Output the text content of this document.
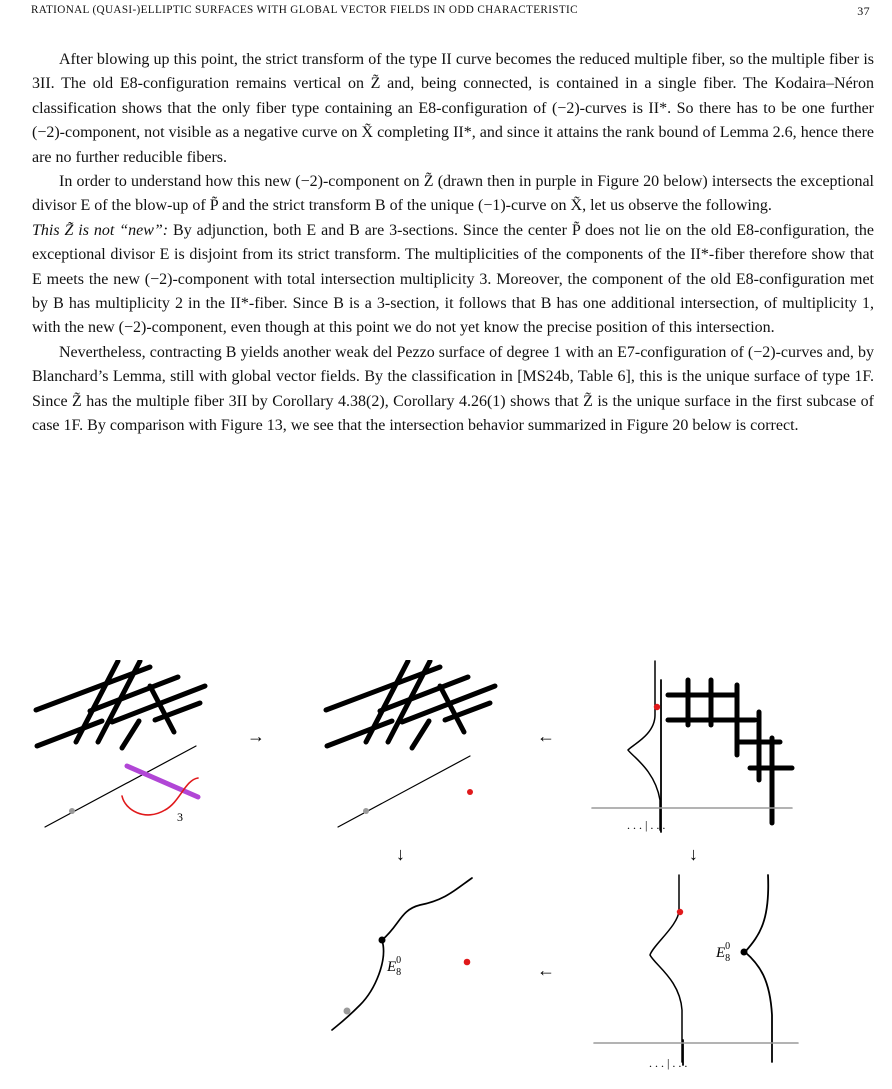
RATIONAL (QUASI-)ELLIPTIC SURFACES WITH GLOBAL VECTOR FIELDS IN ODD CHARACTERISTIC	37

After blowing up this point, the strict transform of the type II curve becomes the reduced multiple fiber, so the multiple fiber is 3II. The old E8-configuration remains vertical on Z̃ and, being connected, is contained in a single fiber. The Kodaira–Néron classification shows that the only fiber type containing an E8-configuration of (−2)-curves is II*. So there has to be one further (−2)-component, not visible as a negative curve on X̃ completing II*, and since it attains the rank bound of Lemma 2.6, hence there are no further reducible fibers.

In order to understand how this new (−2)-component on Z̃ (drawn then in purple in Figure 20 below) intersects the exceptional divisor E of the blow-up of P̃ and the strict transform B of the unique (−1)-curve on X̃, let us observe the following.

This Z̃ is not “new”: By adjunction, both E and B are 3-sections. Since the center P̃ does not lie on the old E8-configuration, the exceptional divisor E is disjoint from its strict transform. The multiplicities of the components of the II*-fiber therefore show that E meets the new (−2)-component with total intersection multiplicity 3. Moreover, the component of the old E8-configuration met by B has multiplicity 2 in the II*-fiber. Since B is a 3-section, it follows that B has one additional intersection, of multiplicity 1, with the new (−2)-component, even though at this point we do not yet know the precise position of this intersection.

Nevertheless, contracting B yields another weak del Pezzo surface of degree 1 with an E7-configuration of (−2)-curves and, by Blanchard’s Lemma, still with global vector fields. By the classification in [MS24b, Table 6], this is the unique surface of type 1F. Since Z̃ has the multiple fiber 3II by Corollary 4.38(2), Corollary 4.26(1) shows that Z̃ is the unique surface in the first subcase of case 1F. By comparison with Figure 13, we see that the intersection behavior summarized in Figure 20 below is correct.

3
→	←
. . . | . . .
↓	↓
$E^0$ 8	←
$E^0$ 8
. . . | . . .
